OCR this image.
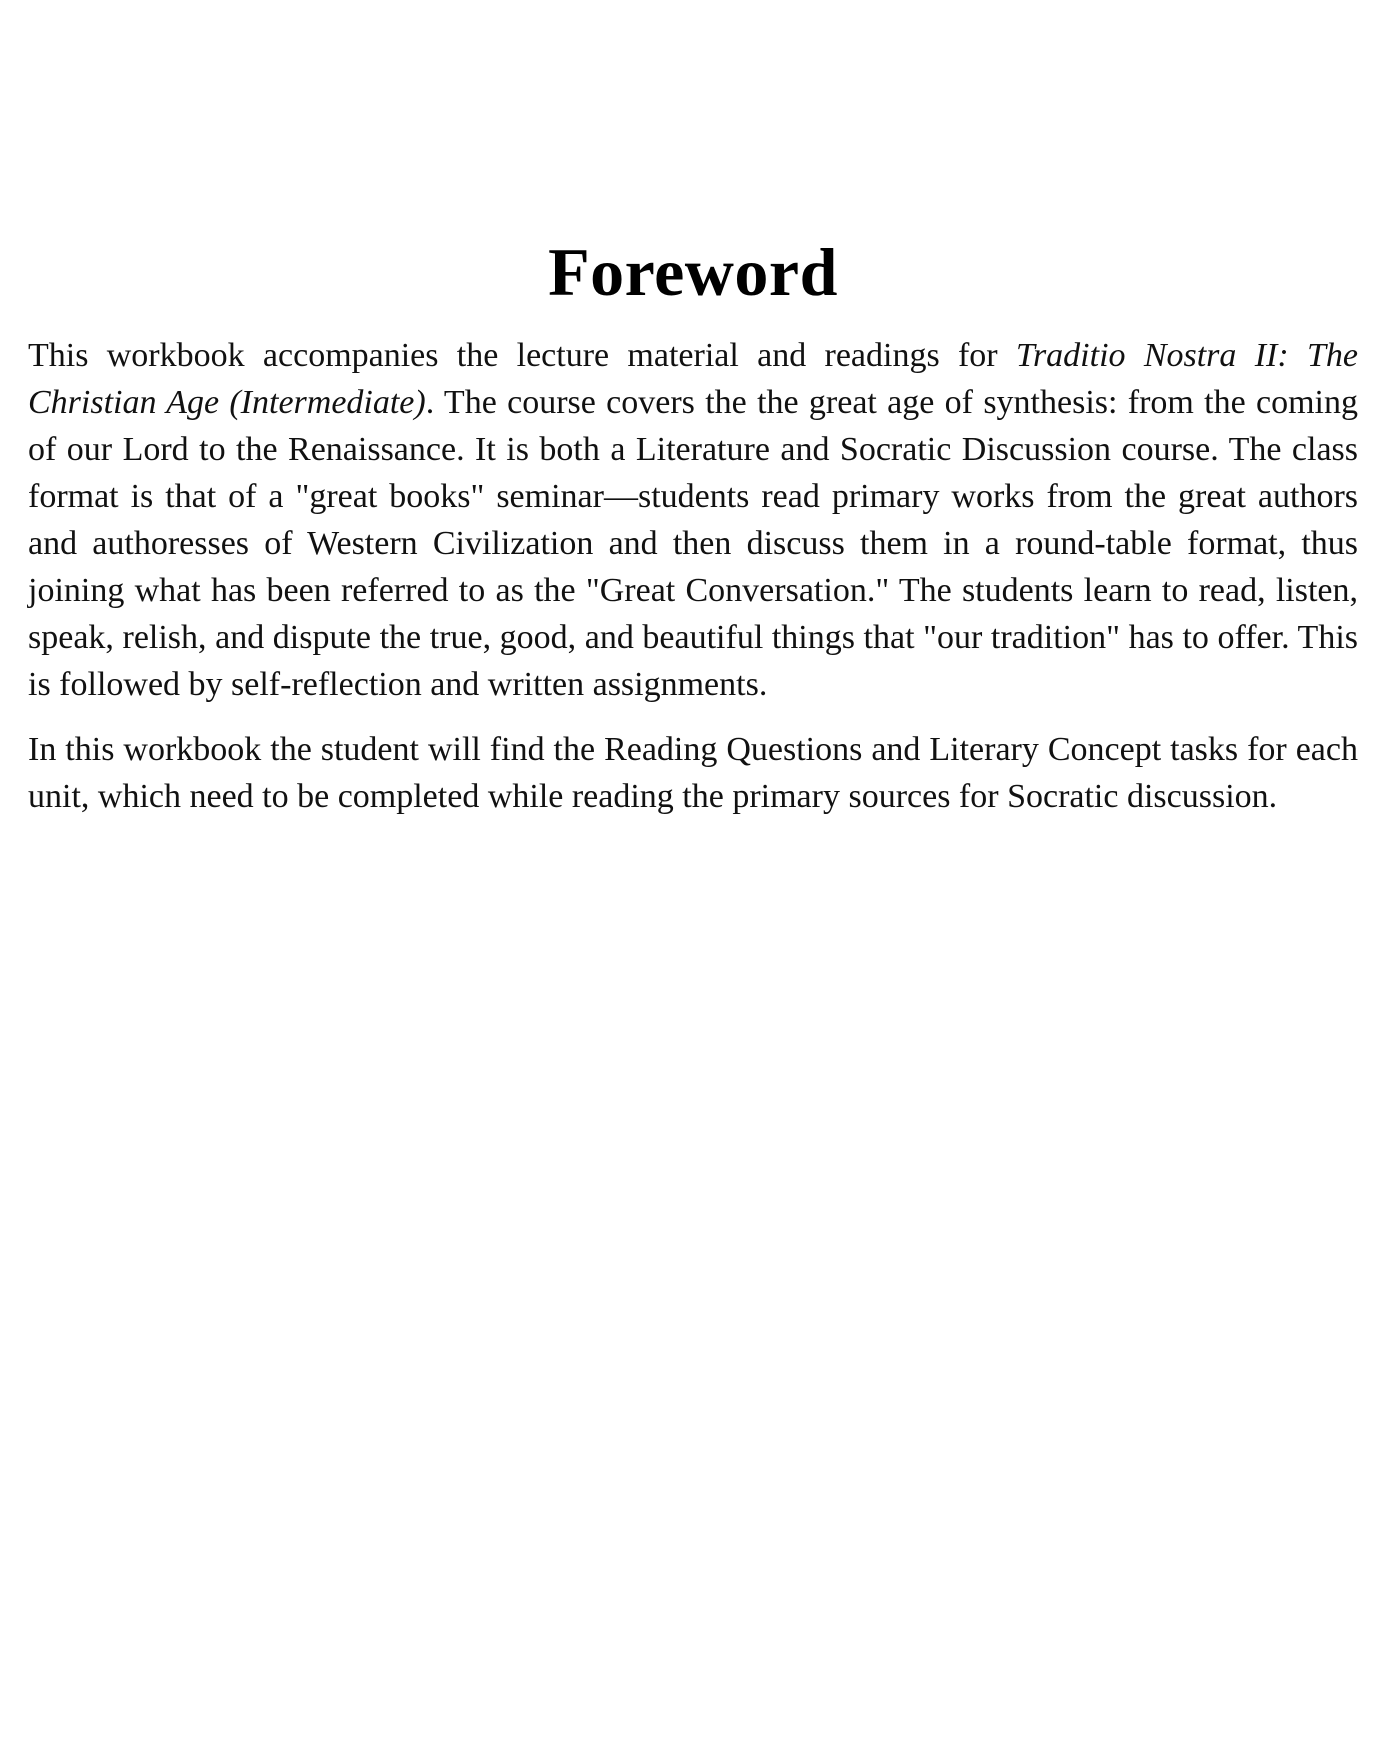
Foreword

This workbook accompanies the lecture material and readings for Traditio Nostra II: The Christian Age (Intermediate). The course covers the the great age of synthesis: from the coming of our Lord to the Renaissance. It is both a Literature and Socratic Discussion course. The class format is that of a "great books" seminar—students read primary works from the great authors and authoresses of Western Civilization and then discuss them in a round-table format, thus joining what has been referred to as the "Great Conversation." The students learn to read, listen, speak, relish, and dispute the true, good, and beautiful things that "our tradition" has to offer. This is followed by self-reflection and written assignments.

In this workbook the student will find the Reading Questions and Literary Concept tasks for each unit, which need to be completed while reading the primary sources for Socratic discussion.
